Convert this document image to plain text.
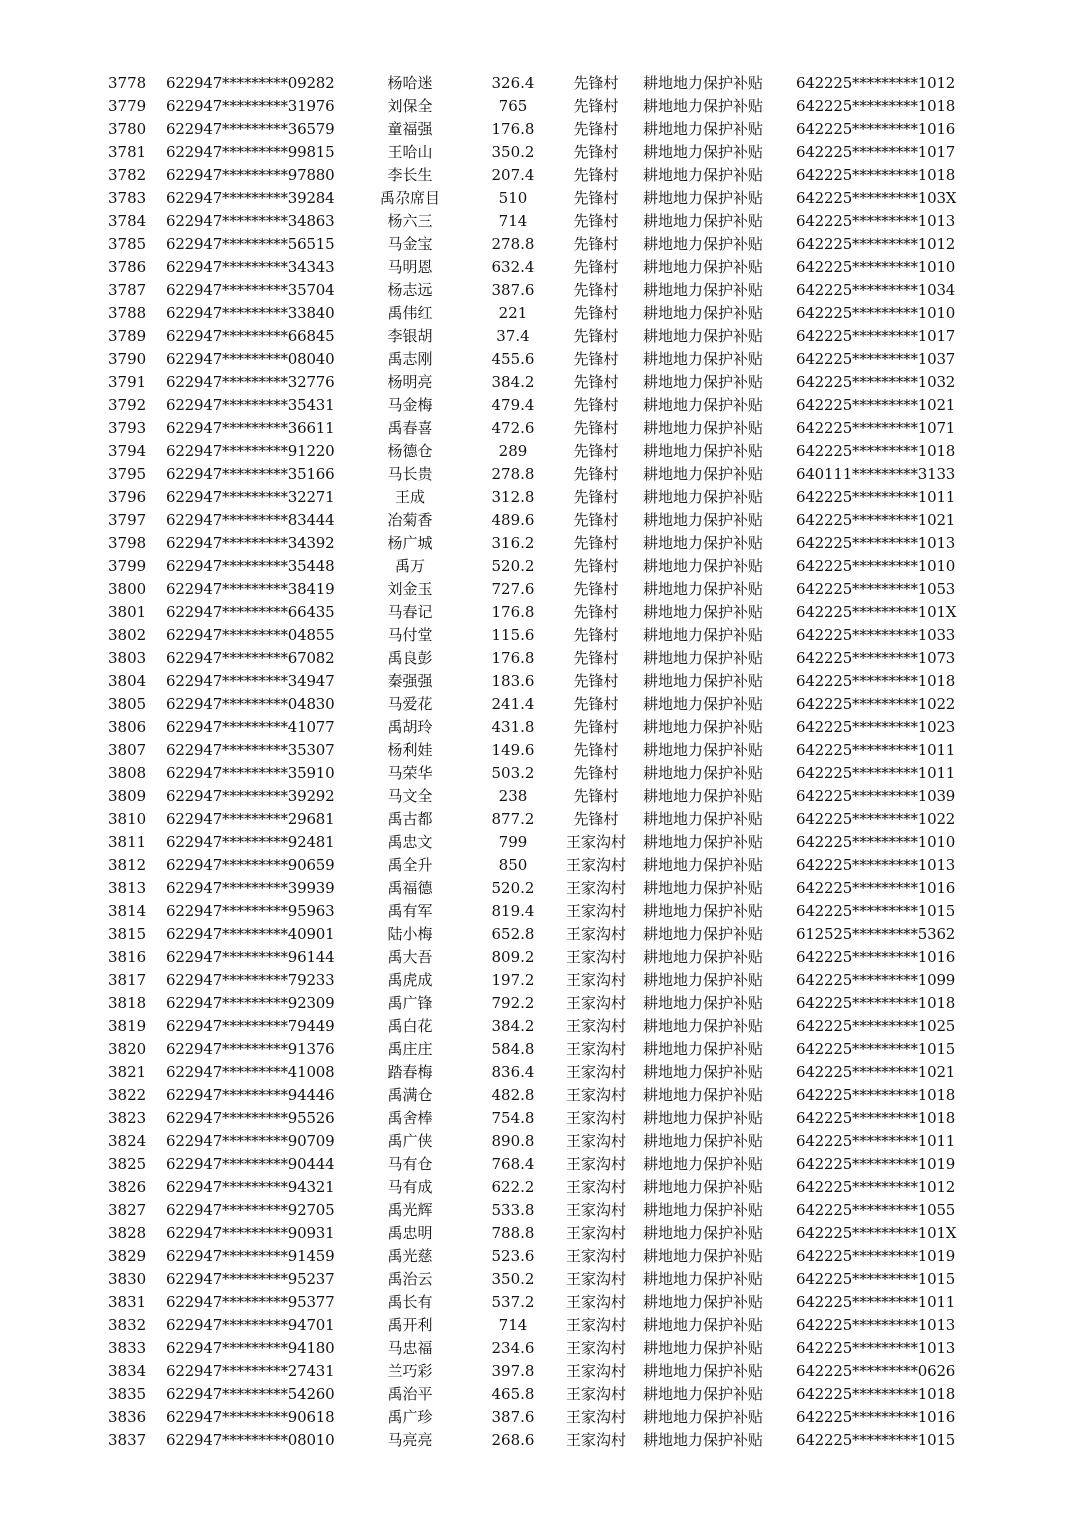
3778 622947*********09282	杨哈迷	326.4	先锋村	耕地地力保护补贴	642225*********1012
3779 622947*********31976	刘保全	765	先锋村	耕地地力保护补贴	642225*********1018
3780 622947*********36579	童福强	176.8	先锋村	耕地地力保护补贴	642225*********1016
3781 622947*********99815	王哈山	350.2	先锋村	耕地地力保护补贴	642225*********1017
3782 622947*********97880	李长生	207.4	先锋村	耕地地力保护补贴	642225*********1018
3783 622947*********39284	禹尕席目	510	先锋村	耕地地力保护补贴	642225*********103X
3784 622947*********34863	杨六三	714	先锋村	耕地地力保护补贴	642225*********1013
3785 622947*********56515	马金宝	278.8	先锋村	耕地地力保护补贴	642225*********1012
3786 622947*********34343	马明恩	632.4	先锋村	耕地地力保护补贴	642225*********1010
3787 622947*********35704	杨志远	387.6	先锋村	耕地地力保护补贴	642225*********1034
3788 622947*********33840	禹伟红	221	先锋村	耕地地力保护补贴	642225*********1010
3789 622947*********66845	李银胡	37.4	先锋村	耕地地力保护补贴	642225*********1017
3790 622947*********08040	禹志刚	455.6	先锋村	耕地地力保护补贴	642225*********1037
3791 622947*********32776	杨明亮	384.2	先锋村	耕地地力保护补贴	642225*********1032
3792 622947*********35431	马金梅	479.4	先锋村	耕地地力保护补贴	642225*********1021
3793 622947*********36611	禹春喜	472.6	先锋村	耕地地力保护补贴	642225*********1071
3794 622947*********91220	杨德仓	289	先锋村	耕地地力保护补贴	642225*********1018
3795 622947*********35166	马长贵	278.8	先锋村	耕地地力保护补贴	640111*********3133
3796 622947*********32271	王成	312.8	先锋村	耕地地力保护补贴	642225*********1011
3797 622947*********83444	冶菊香	489.6	先锋村	耕地地力保护补贴	642225*********1021
3798 622947*********34392	杨广城	316.2	先锋村	耕地地力保护补贴	642225*********1013
3799 622947*********35448	禹万	520.2	先锋村	耕地地力保护补贴	642225*********1010
3800 622947*********38419	刘金玉	727.6	先锋村	耕地地力保护补贴	642225*********1053
3801 622947*********66435	马春记	176.8	先锋村	耕地地力保护补贴	642225*********101X
3802 622947*********04855	马付堂	115.6	先锋村	耕地地力保护补贴	642225*********1033
3803 622947*********67082	禹良彭	176.8	先锋村	耕地地力保护补贴	642225*********1073
3804 622947*********34947	秦强强	183.6	先锋村	耕地地力保护补贴	642225*********1018
3805 622947*********04830	马爱花	241.4	先锋村	耕地地力保护补贴	642225*********1022
3806 622947*********41077	禹胡玲	431.8	先锋村	耕地地力保护补贴	642225*********1023
3807 622947*********35307	杨利娃	149.6	先锋村	耕地地力保护补贴	642225*********1011
3808 622947*********35910	马荣华	503.2	先锋村	耕地地力保护补贴	642225*********1011
3809 622947*********39292	马文全	238	先锋村	耕地地力保护补贴	642225*********1039
3810 622947*********29681	禹古都	877.2	先锋村	耕地地力保护补贴	642225*********1022
3811 622947*********92481	禹忠文	799	王家沟村	耕地地力保护补贴	642225*********1010
3812 622947*********90659	禹全升	850	王家沟村	耕地地力保护补贴	642225*********1013
3813 622947*********39939	禹福德	520.2	王家沟村	耕地地力保护补贴	642225*********1016
3814 622947*********95963	禹有军	819.4	王家沟村	耕地地力保护补贴	642225*********1015
3815 622947*********40901	陆小梅	652.8	王家沟村	耕地地力保护补贴	612525*********5362
3816 622947*********96144	禹大吾	809.2	王家沟村	耕地地力保护补贴	642225*********1016
3817 622947*********79233	禹虎成	197.2	王家沟村	耕地地力保护补贴	642225*********1099
3818 622947*********92309	禹广锋	792.2	王家沟村	耕地地力保护补贴	642225*********1018
3819 622947*********79449	禹白花	384.2	王家沟村	耕地地力保护补贴	642225*********1025
3820 622947*********91376	禹庄庄	584.8	王家沟村	耕地地力保护补贴	642225*********1015
3821 622947*********41008	踏春梅	836.4	王家沟村	耕地地力保护补贴	642225*********1021
3822 622947*********94446	禹满仓	482.8	王家沟村	耕地地力保护补贴	642225*********1018
3823 622947*********95526	禹舍棒	754.8	王家沟村	耕地地力保护补贴	642225*********1018
3824 622947*********90709	禹广侠	890.8	王家沟村	耕地地力保护补贴	642225*********1011
3825 622947*********90444	马有仓	768.4	王家沟村	耕地地力保护补贴	642225*********1019
3826 622947*********94321	马有成	622.2	王家沟村	耕地地力保护补贴	642225*********1012
3827 622947*********92705	禹光辉	533.8	王家沟村	耕地地力保护补贴	642225*********1055
3828 622947*********90931	禹忠明	788.8	王家沟村	耕地地力保护补贴	642225*********101X
3829 622947*********91459	禹光慈	523.6	王家沟村	耕地地力保护补贴	642225*********1019
3830 622947*********95237	禹治云	350.2	王家沟村	耕地地力保护补贴	642225*********1015
3831 622947*********95377	禹长有	537.2	王家沟村	耕地地力保护补贴	642225*********1011
3832 622947*********94701	禹开利	714	王家沟村	耕地地力保护补贴	642225*********1013
3833 622947*********94180	马忠福	234.6	王家沟村	耕地地力保护补贴	642225*********1013
3834 622947*********27431	兰巧彩	397.8	王家沟村	耕地地力保护补贴	642225*********0626
3835 622947*********54260	禹治平	465.8	王家沟村	耕地地力保护补贴	642225*********1018
3836 622947*********90618	禹广珍	387.6	王家沟村	耕地地力保护补贴	642225*********1016
3837 622947*********08010	马亮亮	268.6	王家沟村	耕地地力保护补贴	642225*********1015
